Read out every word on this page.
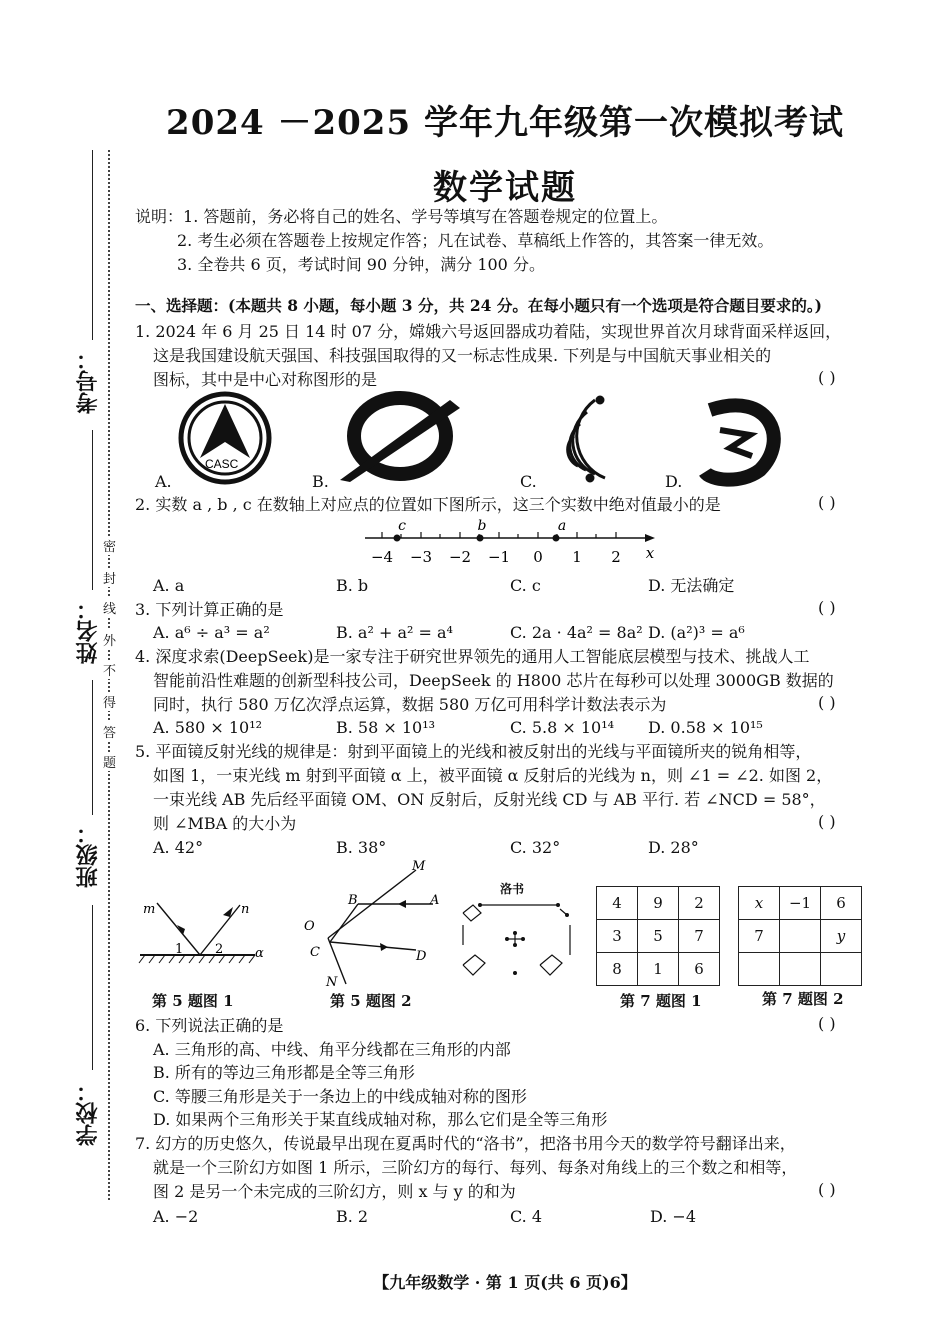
2024 －2025 学年九年级第一次模拟考试
数学试题
密
封
线
外
不
得
答
题
考号：
姓名：
班级：
学校：
说明：1. 答题前，务必将自己的姓名、学号等填写在答题卷规定的位置上。
2. 考生必须在答题卷上按规定作答；凡在试卷、草稿纸上作答的，其答案一律无效。
3. 全卷共 6 页，考试时间 90 分钟，满分 100 分。
一、选择题：(本题共 8 小题，每小题 3 分，共 24 分。在每小题只有一个选项是符合题目要求的。)
1. 2024 年 6 月 25 日 14 时 07 分，嫦娥六号返回器成功着陆，实现世界首次月球背面采样返回，
这是我国建设航天强国、科技强国取得的又一标志性成果. 下列是与中国航天事业相关的
图标，其中是中心对称图形的是	( )
CASC
A.	B.	C.	D.
2. 实数 a , b , c 在数轴上对应点的位置如下图所示，这三个实数中绝对值最小的是	( )
−4 −3 −2 −1 0 1 2 x
c	b	a
A. a	B. b	C. c	D. 无法确定
3. 下列计算正确的是	( )
A. a⁶ ÷ a³ = a²	B. a² + a² = a⁴	C. 2a · 4a² = 8a² D. (a²)³ = a⁶
4. 深度求索(DeepSeek)是一家专注于研究世界领先的通用人工智能底层模型与技术、挑战人工
智能前沿性难题的创新型科技公司，DeepSeek 的 H800 芯片在每秒可以处理 3000GB 数据的
同时，执行 580 万亿次浮点运算，数据 580 万亿可用科学计数法表示为	( )
A. 580 × 10¹²	B. 58 × 10¹³	C. 5.8 × 10¹⁴ D. 0.58 × 10¹⁵
5. 平面镜反射光线的规律是：射到平面镜上的光线和被反射出的光线与平面镜所夹的锐角相等，
如图 1，一束光线 m 射到平面镜 α 上，被平面镜 α 反射后的光线为 n，则 ∠1 = ∠2. 如图 2，
一束光线 AB 先后经平面镜 OM、ON 反射后，反射光线 CD 与 AB 平行. 若 ∠NCD = 58°，
则 ∠MBA 的大小为	( )
A. 42°	B. 38°	C. 32°	D. 28°
m	n
1 2 α
第 5 题图 1
M
A
B
O
C	D
N
第 5 题图 2
洛书
4	9	2
3	5	7
8	1	6
第 7 题图 1
x	−1	6
7		y

第 7 题图 2
6. 下列说法正确的是	( )
A. 三角形的高、中线、角平分线都在三角形的内部
B. 所有的等边三角形都是全等三角形
C. 等腰三角形是关于一条边上的中线成轴对称的图形
D. 如果两个三角形关于某直线成轴对称，那么它们是全等三角形
7. 幻方的历史悠久，传说最早出现在夏禹时代的“洛书”，把洛书用今天的数学符号翻译出来，
就是一个三阶幻方如图 1 所示，三阶幻方的每行、每列、每条对角线上的三个数之和相等，
图 2 是另一个未完成的三阶幻方，则 x 与 y 的和为	( )
A. −2	B. 2	C. 4	D. −4
【九年级数学 · 第 1 页(共 6 页)6】
